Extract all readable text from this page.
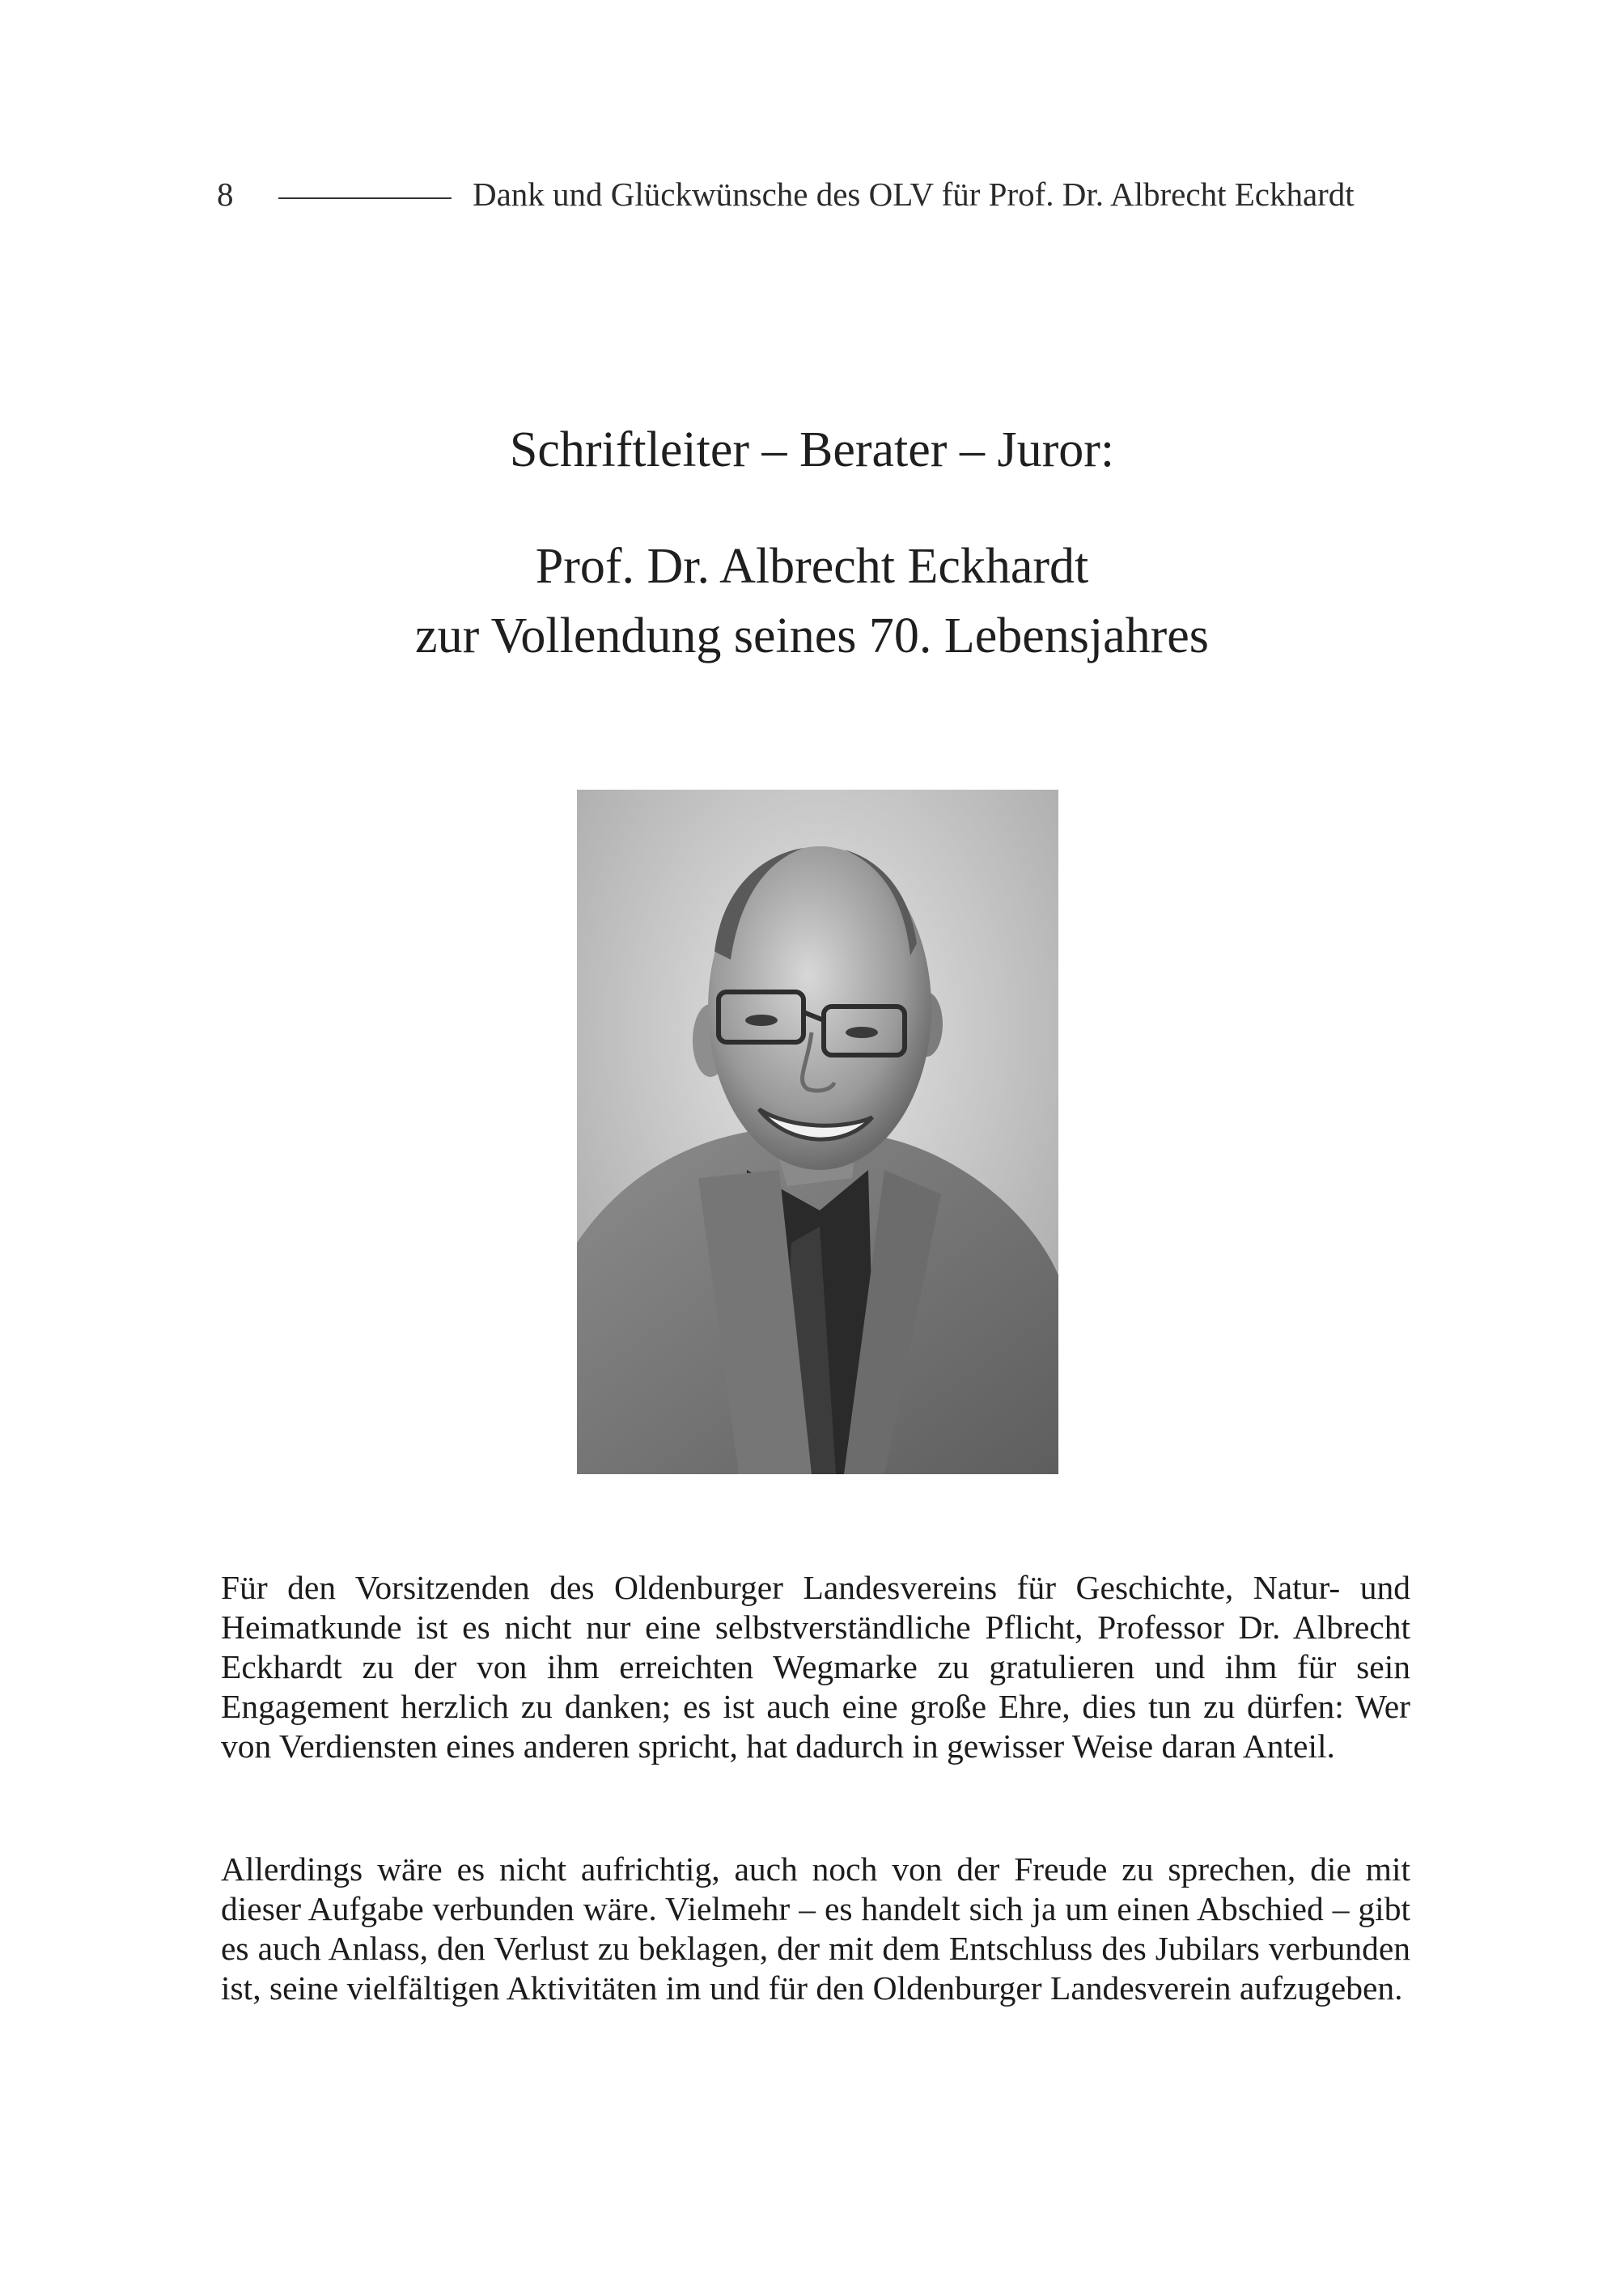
8	Dank und Glückwünsche des OLV für Prof. Dr. Albrecht Eckhardt
Schriftleiter – Berater – Juror:
Prof. Dr. Albrecht Eckhardt
zur Vollendung seines 70. Lebensjahres

Für den Vorsitzenden des Oldenburger Landesvereins für Geschichte, Natur- und Heimatkunde ist es nicht nur eine selbstverständliche Pflicht, Professor Dr. Albrecht Eckhardt zu der von ihm erreichten Wegmarke zu gratulieren und ihm für sein Engagement herzlich zu danken; es ist auch eine große Ehre, dies tun zu dürfen: Wer von Verdiensten eines anderen spricht, hat dadurch in gewisser Weise daran Anteil.

Allerdings wäre es nicht aufrichtig, auch noch von der Freude zu sprechen, die mit dieser Aufgabe verbunden wäre. Vielmehr – es handelt sich ja um einen Abschied – gibt es auch Anlass, den Verlust zu beklagen, der mit dem Entschluss des Jubilars verbunden ist, seine vielfältigen Aktivitäten im und für den Oldenburger Landesverein aufzugeben.
